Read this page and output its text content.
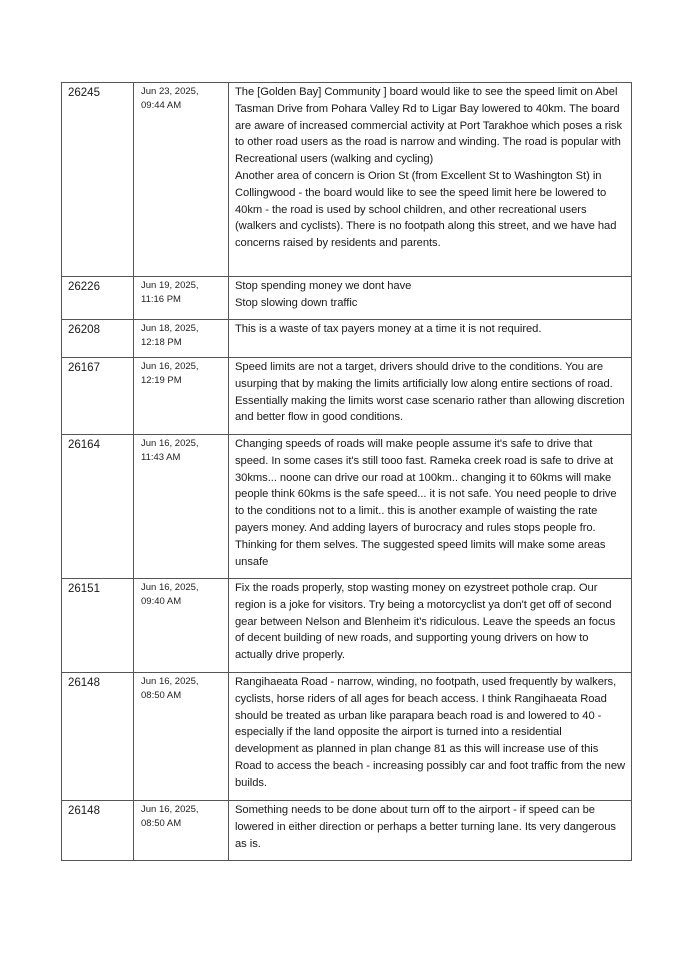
26245	Jun 23, 2025,
09:44 AM	The [Golden Bay] Community ] board would like to see the speed limit on Abel Tasman Drive from Pohara Valley Rd to Ligar Bay lowered to 40km. The board are aware of increased commercial activity at Port Tarakhoe which poses a risk to other road users as the road is narrow and winding. The road is popular with Recreational users (walking and cycling)
Another area of concern is Orion St (from Excellent St to Washington St) in Collingwood - the board would like to see the speed limit here be lowered to 40km - the road is used by school children, and other recreational users (walkers and cyclists). There is no footpath along this street, and we have had concerns raised by residents and parents.

26226	Jun 19, 2025,
11:16 PM	Stop spending money we dont have
Stop slowing down traffic

26208	Jun 18, 2025,
12:18 PM	This is a waste of tax payers money at a time it is not required.

26167	Jun 16, 2025,
12:19 PM	Speed limits are not a target, drivers should drive to the conditions. You are usurping that by making the limits artificially low along entire sections of road. Essentially making the limits worst case scenario rather than allowing discretion and better flow in good conditions.

26164	Jun 16, 2025,
11:43 AM	Changing speeds of roads will make people assume it's safe to drive that speed. In some cases it's still tooo fast. Rameka creek road is safe to drive at 30kms... noone can drive our road at 100km.. changing it to 60kms will make people think 60kms is the safe speed... it is not safe. You need people to drive to the conditions not to a limit.. this is another example of waisting the rate payers money. And adding layers of burocracy and rules stops people fro. Thinking for them selves. The suggested speed limits will make some areas unsafe

26151	Jun 16, 2025,
09:40 AM	Fix the roads properly, stop wasting money on ezystreet pothole crap. Our region is a joke for visitors. Try being a motorcyclist ya don't get off of second gear between Nelson and Blenheim it's ridiculous. Leave the speeds an focus of decent building of new roads, and supporting young drivers on how to actually drive properly.

26148	Jun 16, 2025,
08:50 AM	Rangihaeata Road - narrow, winding, no footpath, used frequently by walkers, cyclists, horse riders of all ages for beach access. I think Rangihaeata Road should be treated as urban like parapara beach road is and lowered to 40 - especially if the land opposite the airport is turned into a residential development as planned in plan change 81 as this will increase use of this Road to access the beach - increasing possibly car and foot traffic from the new builds.

26148	Jun 16, 2025,
08:50 AM	Something needs to be done about turn off to the airport - if speed can be lowered in either direction or perhaps a better turning lane. Its very dangerous as is.
